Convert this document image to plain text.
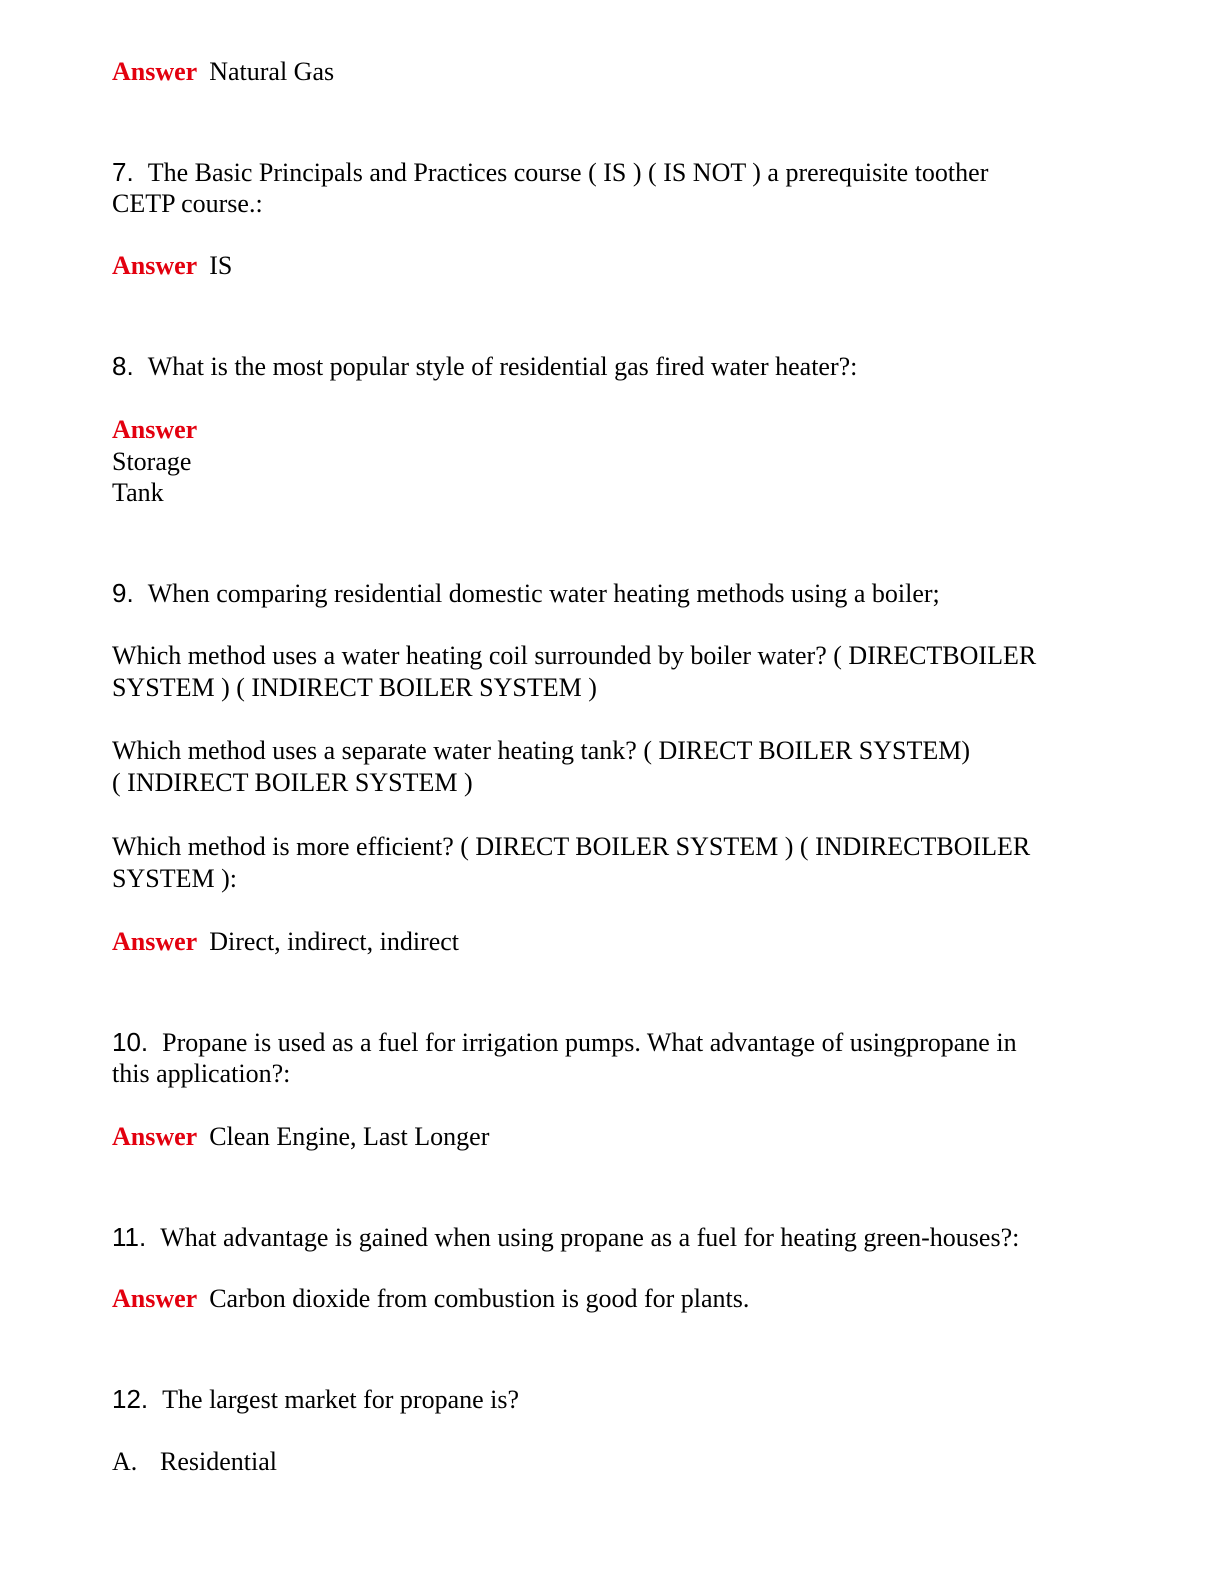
Answer Natural Gas
7. The Basic Principals and Practices course ( IS ) ( IS NOT ) a prerequisite toother
CETP course.:
Answer IS
8. What is the most popular style of residential gas fired water heater?:
Answer
Storage
Tank
9. When comparing residential domestic water heating methods using a boiler;
Which method uses a water heating coil surrounded by boiler water? ( DIRECTBOILER
SYSTEM ) ( INDIRECT BOILER SYSTEM )
Which method uses a separate water heating tank? ( DIRECT BOILER SYSTEM)
( INDIRECT BOILER SYSTEM )
Which method is more efficient? ( DIRECT BOILER SYSTEM ) ( INDIRECTBOILER
SYSTEM ):
Answer Direct, indirect, indirect
10. Propane is used as a fuel for irrigation pumps. What advantage of usingpropane in
this application?:
Answer Clean Engine, Last Longer
11. What advantage is gained when using propane as a fuel for heating green-houses?:
Answer Carbon dioxide from combustion is good for plants.
12. The largest market for propane is?
A. Residential
